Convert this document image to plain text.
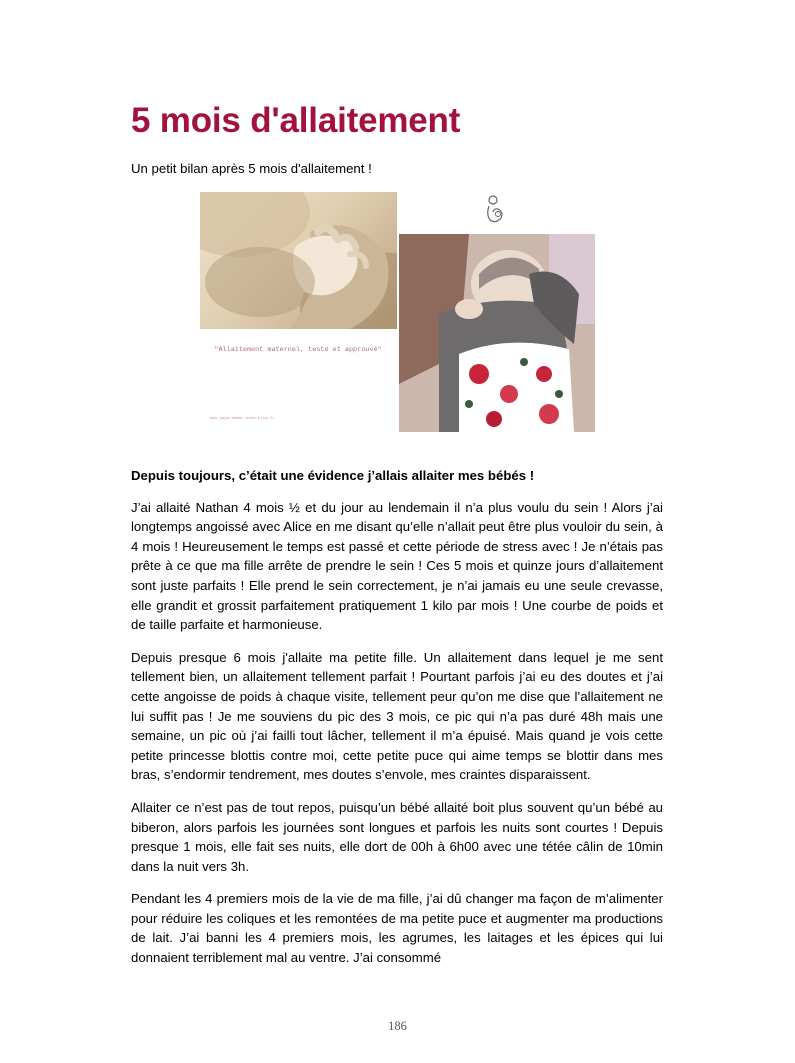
5 mois d'allaitement

Un petit bilan après 5 mois d'allaitement !

"Allaitement maternel, testé et approuvé"

www.papa-maman-bebe-blog.fr

Depuis toujours, c’était une évidence j’allais allaiter mes bébés !

J’ai allaité Nathan 4 mois ½ et du jour au lendemain il n’a plus voulu du sein ! Alors j’ai longtemps angoissé avec Alice en me disant qu’elle n’allait peut être plus vouloir du sein, à 4 mois ! Heureusement le temps est passé et cette période de stress avec ! Je n’étais pas prête à ce que ma fille arrête de prendre le sein ! Ces 5 mois et quinze jours d’allaitement sont juste parfaits ! Elle prend le sein correctement, je n’ai jamais eu une seule crevasse, elle grandit et grossit parfaitement pratiquement 1 kilo par mois ! Une courbe de poids et de taille parfaite et harmonieuse.

Depuis presque 6 mois j'allaite ma petite fille. Un allaitement dans lequel je me sent tellement bien, un allaitement tellement parfait ! Pourtant parfois j’ai eu des doutes et j’ai cette angoisse de poids à chaque visite, tellement peur qu’on me dise que l’allaitement ne lui suffit pas ! Je me souviens du pic des 3 mois, ce pic qui n’a pas duré 48h mais une semaine, un pic où j’ai failli tout lâcher, tellement il m’a épuisé. Mais quand je vois cette petite princesse blottis contre moi, cette petite puce qui aime temps se blottir dans mes bras, s’endormir tendrement, mes doutes s’envole, mes craintes disparaissent.

Allaiter ce n’est pas de tout repos, puisqu’un bébé allaité boit plus souvent qu’un bébé au biberon, alors parfois les journées sont longues et parfois les nuits sont courtes ! Depuis presque 1 mois, elle fait ses nuits, elle dort de 00h à 6h00 avec une tétée câlin de 10min dans la nuit vers 3h.

Pendant les 4 premiers mois de la vie de ma fille, j’ai dû changer ma façon de m’alimenter pour réduire les coliques et les remontées de ma petite puce et augmenter ma productions de lait. J’ai banni les 4 premiers mois, les agrumes, les laitages et les épices qui lui donnaient terriblement mal au ventre. J’ai consommé

186
